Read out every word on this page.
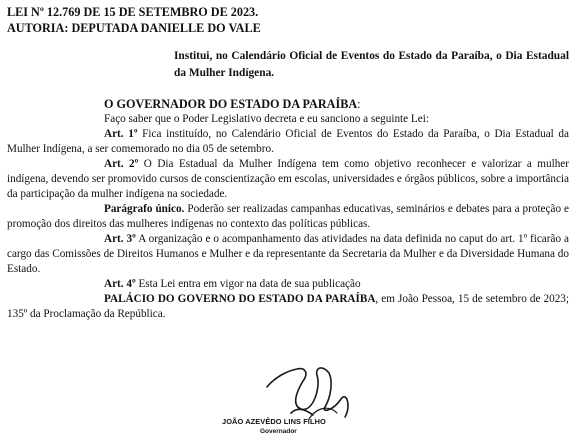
LEI Nº 12.769 DE 15 DE SETEMBRO DE 2023.

AUTORIA: DEPUTADA DANIELLE DO VALE

Institui, no Calendário Oficial de Eventos do Estado da Paraíba, o Dia Estadual da Mulher Indígena.

O GOVERNADOR DO ESTADO DA PARAÍBA:

Faço saber que o Poder Legislativo decreta e eu sanciono a seguinte Lei:

Art. 1º Fica instituído, no Calendário Oficial de Eventos do Estado da Paraíba, o Dia Estadual da Mulher Indígena, a ser comemorado no dia 05 de setembro.

Art. 2º O Dia Estadual da Mulher Indígena tem como objetivo reconhecer e valorizar a mulher indígena, devendo ser promovido cursos de conscientização em escolas, universidades e órgãos públicos, sobre a importância da participação da mulher indígena na sociedade.

Parágrafo único. Poderão ser realizadas campanhas educativas, seminários e debates para a proteção e promoção dos direitos das mulheres indígenas no contexto das políticas públicas.

Art. 3º A organização e o acompanhamento das atividades na data definida no caput do art. 1º ficarão a cargo das Comissões de Direitos Humanos e Mulher e da representante da Secretaria da Mulher e da Diversidade Humana do Estado.

Art. 4º Esta Lei entra em vigor na data de sua publicação

PALÁCIO DO GOVERNO DO ESTADO DA PARAÍBA, em João Pessoa, 15 de setembro de 2023; 135º da Proclamação da República.

JOÃO AZEVÊDO LINS FILHO
Governador
